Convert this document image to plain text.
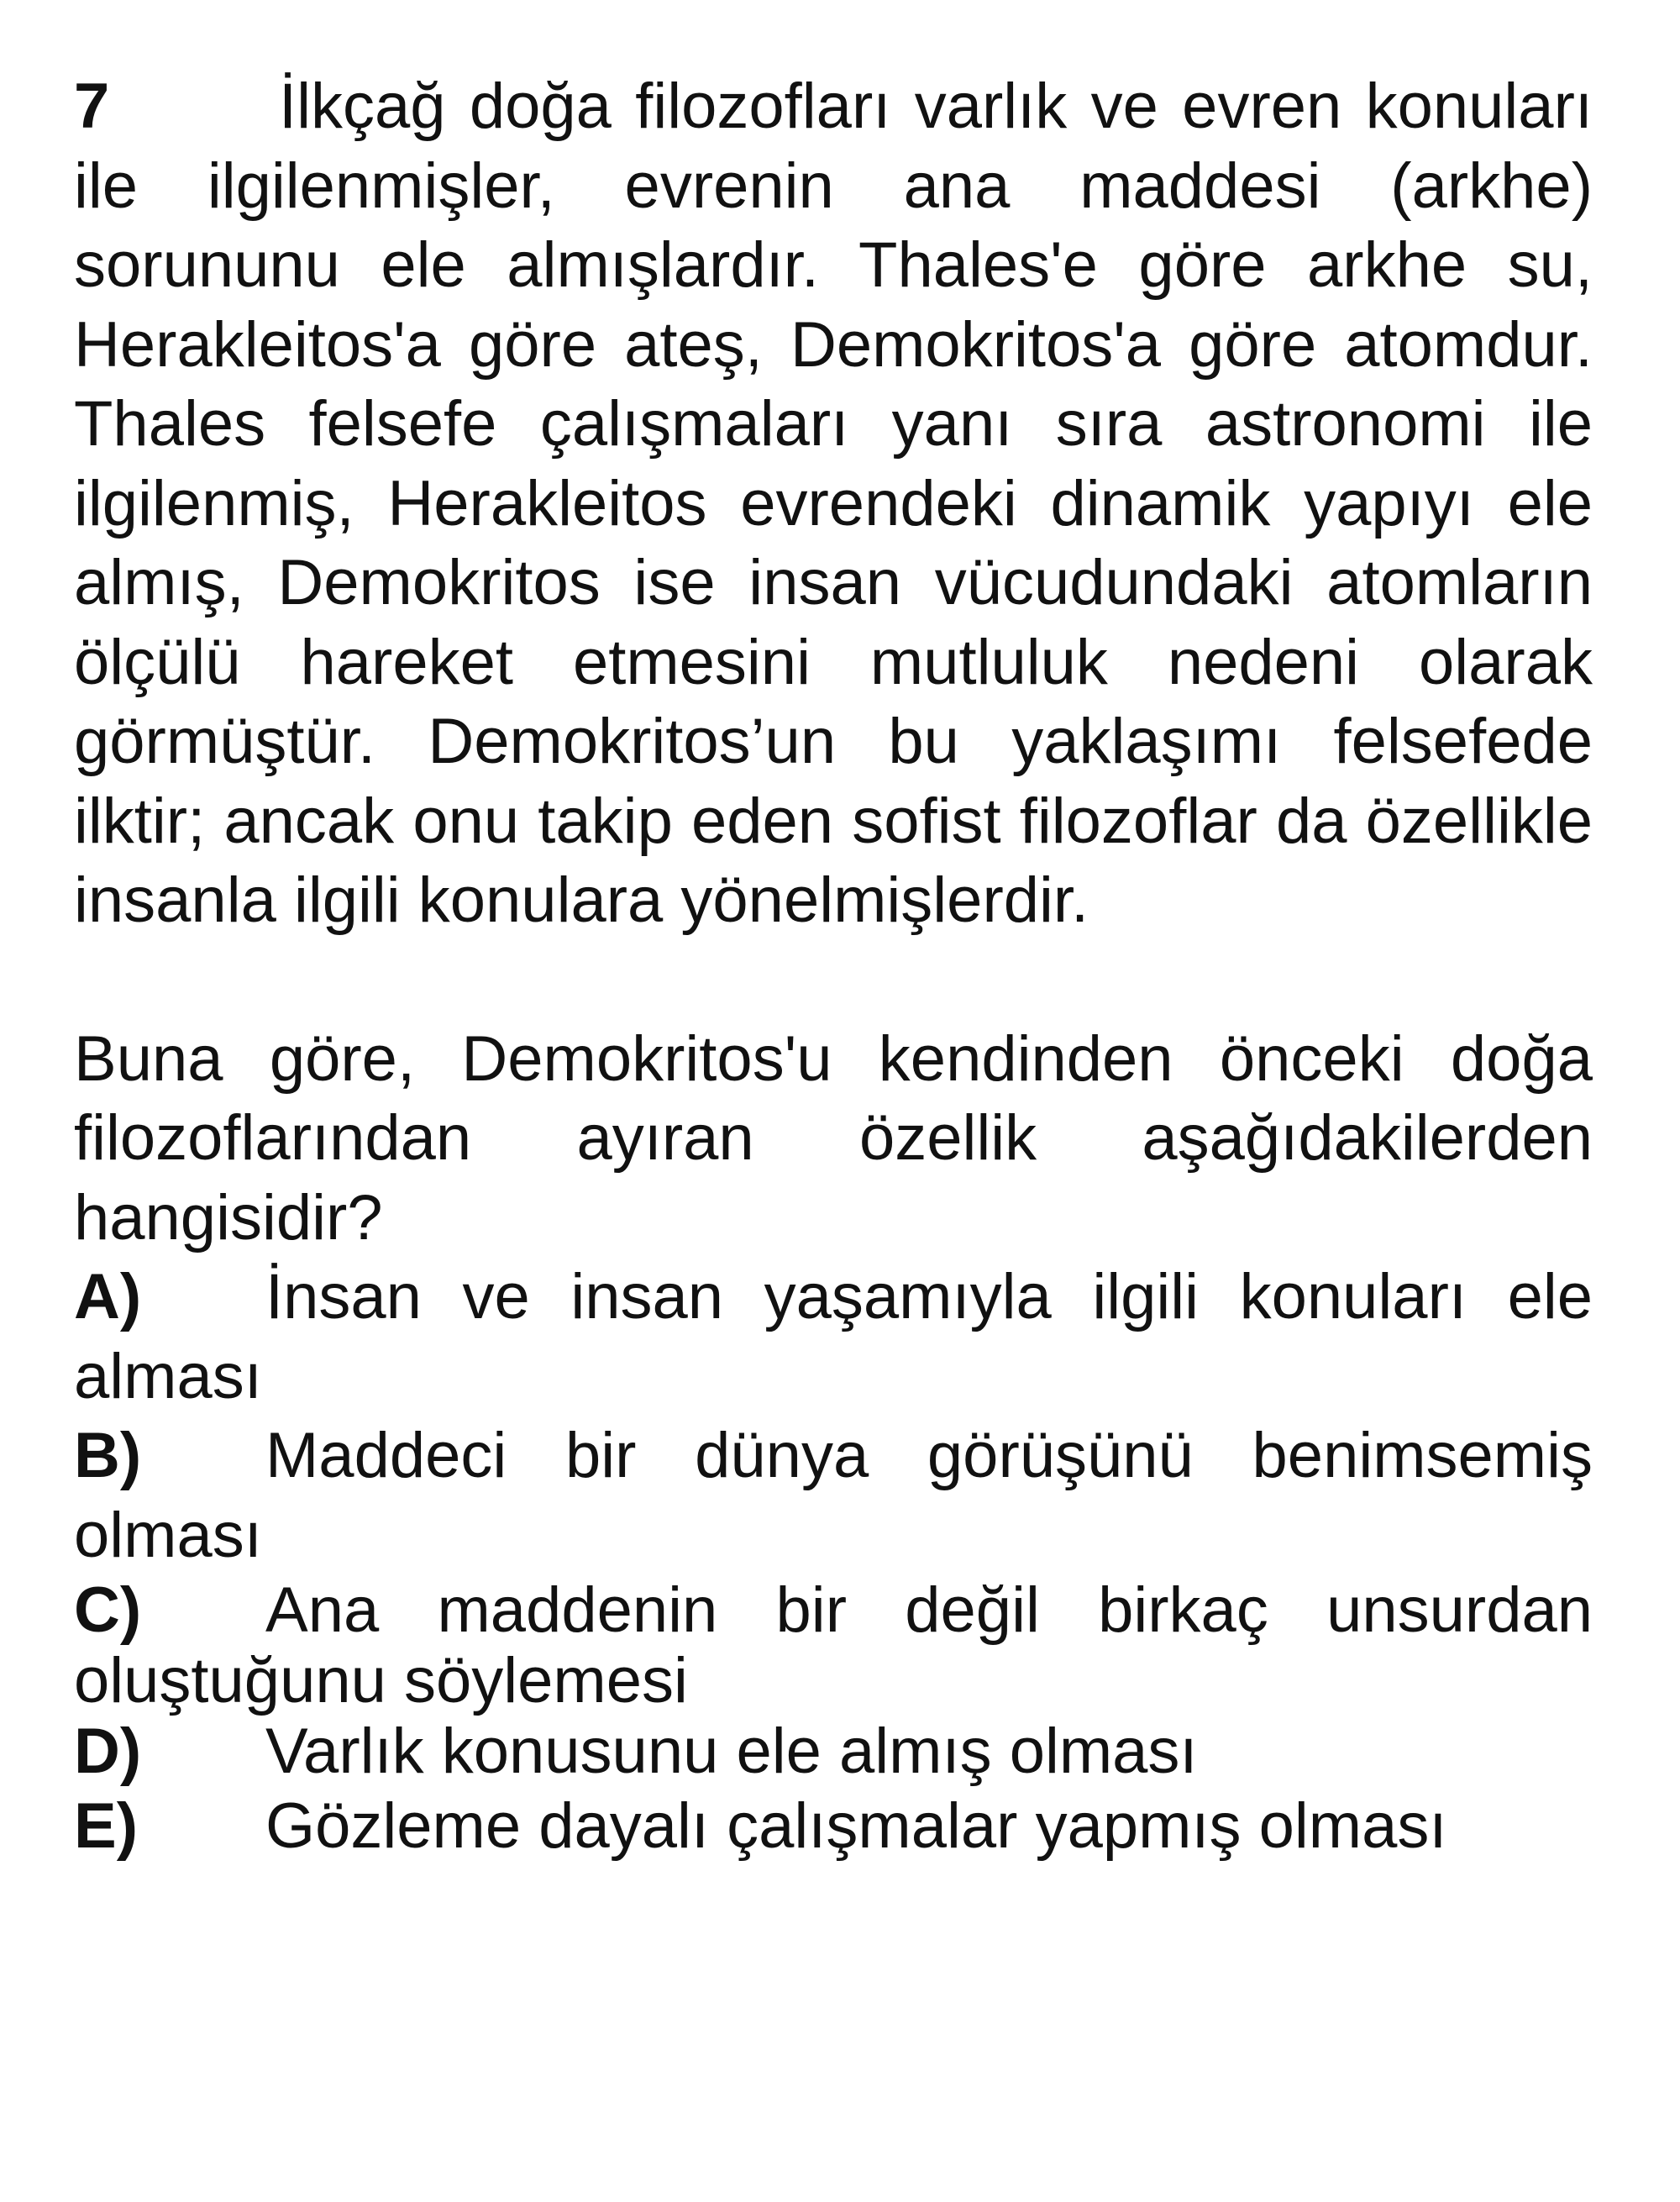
7	İlkçağ doğa filozofları varlık ve evren konuları ile ilgilenmişler, evrenin ana maddesi (arkhe) sorununu ele almışlardır. Thales'e göre arkhe su, Herakleitos'a göre ateş, Demokritos'a göre atomdur. Thales felsefe çalışmaları yanı sıra astronomi ile ilgilenmiş, Herakleitos evrendeki dinamik yapıyı ele almış, Demokritos ise insan vücudundaki atomların ölçülü hareket etmesini mutluluk nedeni olarak görmüştür. Demokritos’un bu yaklaşımı felsefede ilktir; ancak onu takip eden sofist filozoflar da özellikle insanla ilgili konulara yönelmişlerdir.

Buna göre, Demokritos'u kendinden önceki doğa filozoflarından ayıran özellik aşağıdakilerden hangisidir?

A) İnsan ve insan yaşamıyla ilgili konuları ele alması

B) Maddeci bir dünya görüşünü benimsemiş olması

C) Ana maddenin bir değil birkaç unsurdan oluştuğunu söylemesi

D) Varlık konusunu ele almış olması

E) Gözleme dayalı çalışmalar yapmış olması
